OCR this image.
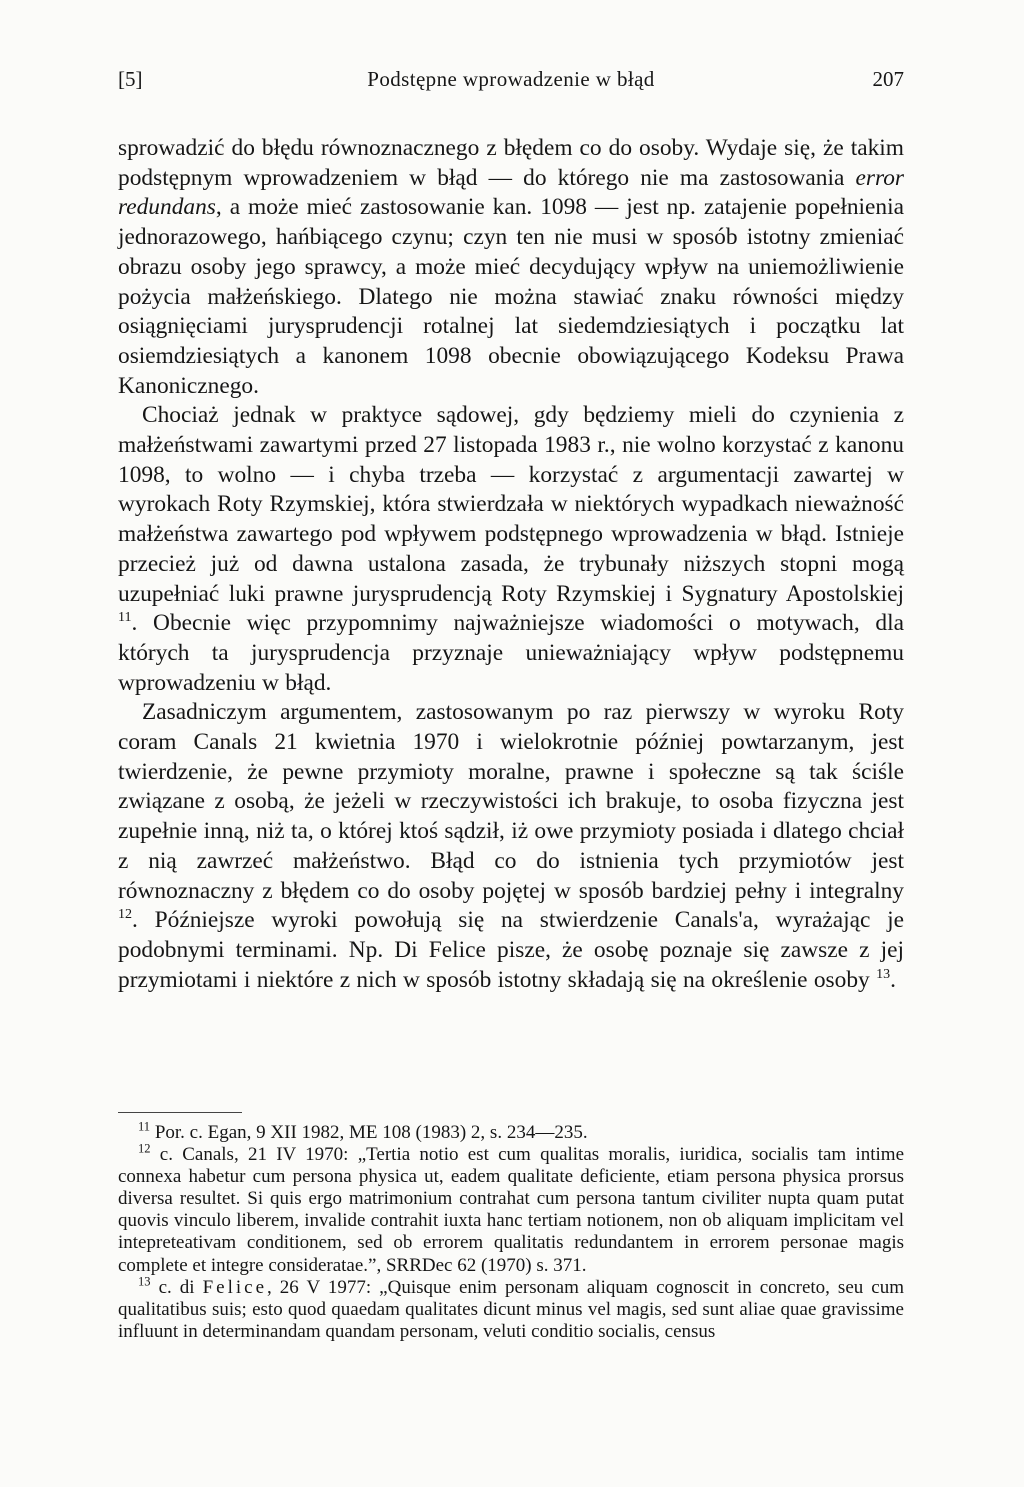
[5]	Podstępne wprowadzenie w błąd	207

sprowadzić do błędu równoznacznego z błędem co do osoby. Wydaje się, że takim podstępnym wprowadzeniem w błąd — do którego nie ma zastosowania error redundans, a może mieć zastosowanie kan. 1098 — jest np. zatajenie popełnienia jednorazowego, hańbiącego czynu; czyn ten nie musi w sposób istotny zmieniać obrazu osoby jego sprawcy, a może mieć decydujący wpływ na uniemożliwienie pożycia małżeńskiego. Dlatego nie można stawiać znaku równości między osiągnięciami jurysprudencji rotalnej lat siedemdziesiątych i początku lat osiemdziesiątych a kanonem 1098 obecnie obowiązującego Kodeksu Prawa Kanonicznego.

Chociaż jednak w praktyce sądowej, gdy będziemy mieli do czynienia z małżeństwami zawartymi przed 27 listopada 1983 r., nie wolno korzystać z kanonu 1098, to wolno — i chyba trzeba — korzystać z argumentacji zawartej w wyrokach Roty Rzymskiej, która stwierdzała w niektórych wypadkach nieważność małżeństwa zawartego pod wpływem podstępnego wprowadzenia w błąd. Istnieje przecież już od dawna ustalona zasada, że trybunały niższych stopni mogą uzupełniać luki prawne jurysprudencją Roty Rzymskiej i Sygnatury Apostolskiej $^{11}$. Obecnie więc przypomnimy najważniejsze wiadomości o motywach, dla których ta jurysprudencja przyznaje unieważniający wpływ podstępnemu wprowadzeniu w błąd.

Zasadniczym argumentem, zastosowanym po raz pierwszy w wyroku Roty coram Canals 21 kwietnia 1970 i wielokrotnie później powtarzanym, jest twierdzenie, że pewne przymioty moralne, prawne i społeczne są tak ściśle związane z osobą, że jeżeli w rzeczywistości ich brakuje, to osoba fizyczna jest zupełnie inną, niż ta, o której ktoś sądził, iż owe przymioty posiada i dlatego chciał z nią zawrzeć małżeństwo. Błąd co do istnienia tych przymiotów jest równoznaczny z błędem co do osoby pojętej w sposób bardziej pełny i integralny $^{12}$. Późniejsze wyroki powołują się na stwierdzenie Canals'a, wyrażając je podobnymi terminami. Np. Di Felice pisze, że osobę poznaje się zawsze z jej przymiotami i niektóre z nich w sposób istotny składają się na określenie osoby $^{13}$.

$^{11}$ Por. c. Egan, 9 XII 1982, ME 108 (1983) 2, s. 234—235.

$^{12}$ c. Canals, 21 IV 1970: „Tertia notio est cum qualitas moralis, iuridica, socialis tam intime connexa habetur cum persona physica ut, eadem qualitate deficiente, etiam persona physica prorsus diversa resultet. Si quis ergo matrimonium contrahat cum persona tantum civiliter nupta quam putat quovis vinculo liberem, invalide contrahit iuxta hanc tertiam notionem, non ob aliquam implicitam vel intepreteativam conditionem, sed ob errorem qualitatis redundantem in errorem personae magis complete et integre consideratae.”, SRRDec 62 (1970) s. 371.

$^{13}$ c. di Felice, 26 V 1977: „Quisque enim personam aliquam cognoscit in concreto, seu cum qualitatibus suis; esto quod quaedam qualitates dicunt minus vel magis, sed sunt aliae quae gravissime influunt in determinandam quandam personam, veluti conditio socialis, census
